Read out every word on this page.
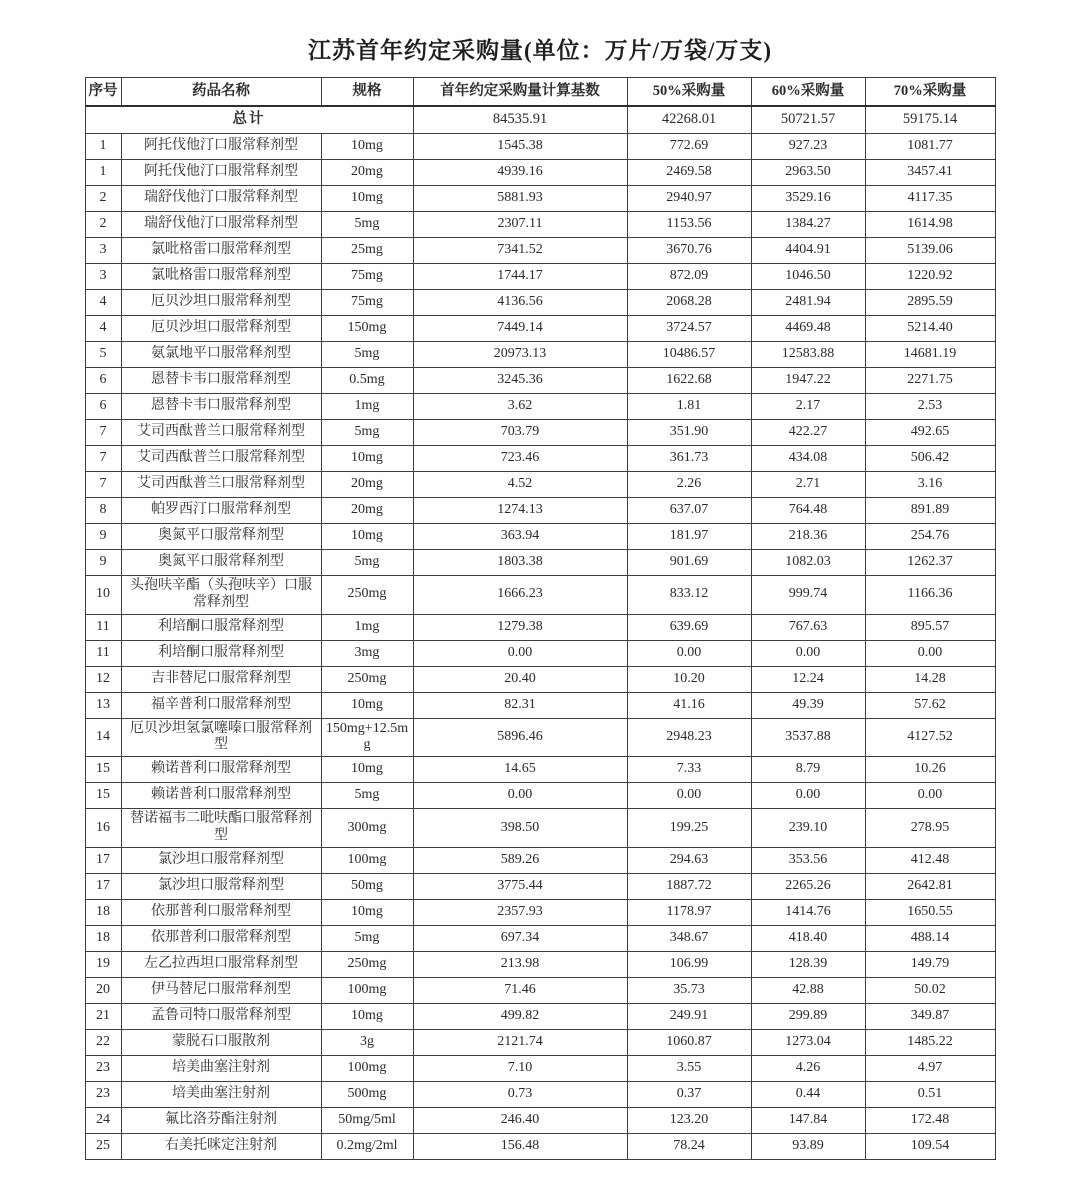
江苏首年约定采购量(单位：万片/万袋/万支)
序号	药品名称	规格	首年约定采购量计算基数	50%采购量	60%采购量	70%采购量
总计			84535.91	42268.01	50721.57	59175.14
1	阿托伐他汀口服常释剂型	10mg	1545.38	772.69	927.23	1081.77
1	阿托伐他汀口服常释剂型	20mg	4939.16	2469.58	2963.50	3457.41
2	瑞舒伐他汀口服常释剂型	10mg	5881.93	2940.97	3529.16	4117.35
2	瑞舒伐他汀口服常释剂型	5mg	2307.11	1153.56	1384.27	1614.98
3	氯吡格雷口服常释剂型	25mg	7341.52	3670.76	4404.91	5139.06
3	氯吡格雷口服常释剂型	75mg	1744.17	872.09	1046.50	1220.92
4	厄贝沙坦口服常释剂型	75mg	4136.56	2068.28	2481.94	2895.59
4	厄贝沙坦口服常释剂型	150mg	7449.14	3724.57	4469.48	5214.40
5	氨氯地平口服常释剂型	5mg	20973.13	10486.57	12583.88	14681.19
6	恩替卡韦口服常释剂型	0.5mg	3245.36	1622.68	1947.22	2271.75
6	恩替卡韦口服常释剂型	1mg	3.62	1.81	2.17	2.53
7	艾司西酞普兰口服常释剂型	5mg	703.79	351.90	422.27	492.65
7	艾司西酞普兰口服常释剂型	10mg	723.46	361.73	434.08	506.42
7	艾司西酞普兰口服常释剂型	20mg	4.52	2.26	2.71	3.16
8	帕罗西汀口服常释剂型	20mg	1274.13	637.07	764.48	891.89
9	奥氮平口服常释剂型	10mg	363.94	181.97	218.36	254.76
9	奥氮平口服常释剂型	5mg	1803.38	901.69	1082.03	1262.37
10	头孢呋辛酯（头孢呋辛）口服常释剂型	250mg	1666.23	833.12	999.74	1166.36
11	利培酮口服常释剂型	1mg	1279.38	639.69	767.63	895.57
11	利培酮口服常释剂型	3mg	0.00	0.00	0.00	0.00
12	吉非替尼口服常释剂型	250mg	20.40	10.20	12.24	14.28
13	福辛普利口服常释剂型	10mg	82.31	41.16	49.39	57.62
14	厄贝沙坦氢氯噻嗪口服常释剂型	150mg+12.5mg	5896.46	2948.23	3537.88	4127.52
15	赖诺普利口服常释剂型	10mg	14.65	7.33	8.79	10.26
15	赖诺普利口服常释剂型	5mg	0.00	0.00	0.00	0.00
16	替诺福韦二吡呋酯口服常释剂型	300mg	398.50	199.25	239.10	278.95
17	氯沙坦口服常释剂型	100mg	589.26	294.63	353.56	412.48
17	氯沙坦口服常释剂型	50mg	3775.44	1887.72	2265.26	2642.81
18	依那普利口服常释剂型	10mg	2357.93	1178.97	1414.76	1650.55
18	依那普利口服常释剂型	5mg	697.34	348.67	418.40	488.14
19	左乙拉西坦口服常释剂型	250mg	213.98	106.99	128.39	149.79
20	伊马替尼口服常释剂型	100mg	71.46	35.73	42.88	50.02
21	孟鲁司特口服常释剂型	10mg	499.82	249.91	299.89	349.87
22	蒙脱石口服散剂	3g	2121.74	1060.87	1273.04	1485.22
23	培美曲塞注射剂	100mg	7.10	3.55	4.26	4.97
23	培美曲塞注射剂	500mg	0.73	0.37	0.44	0.51
24	氟比洛芬酯注射剂	50mg/5ml	246.40	123.20	147.84	172.48
25	右美托咪定注射剂	0.2mg/2ml	156.48	78.24	93.89	109.54
